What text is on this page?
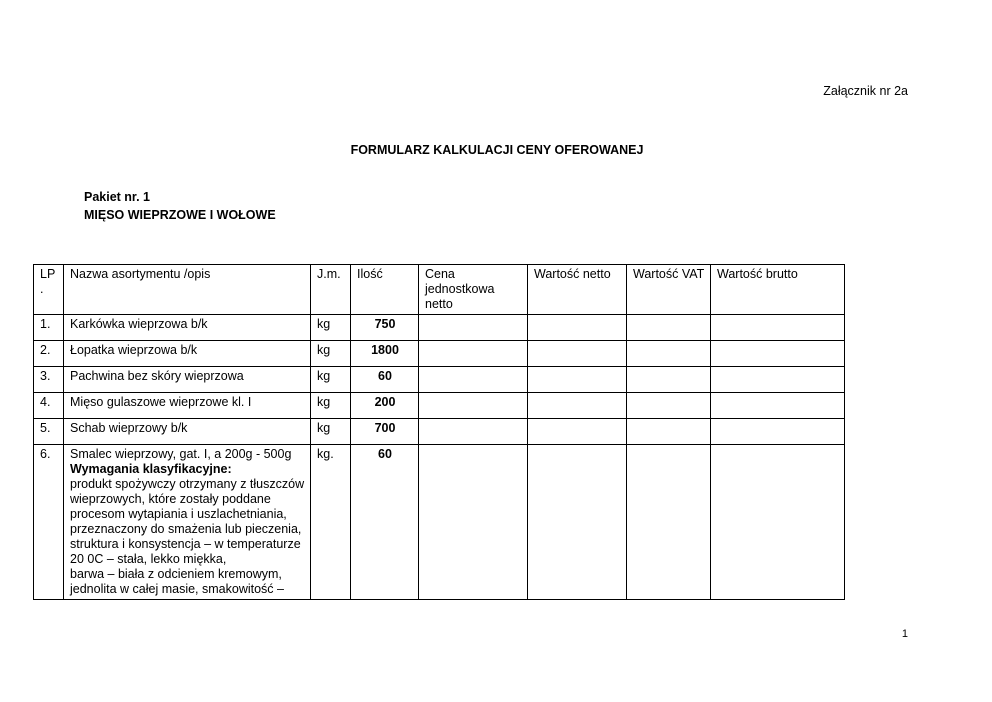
Załącznik nr 2a
FORMULARZ KALKULACJI CENY OFEROWANEJ
Pakiet nr. 1
MIĘSO WIEPRZOWE I WOŁOWE
LP .	Nazwa asortymentu /opis	J.m.	Ilość	Cena jednostkowa netto	Wartość netto	Wartość VAT	Wartość brutto
1.	Karkówka wieprzowa b/k	kg	750				
2.	Łopatka wieprzowa b/k	kg	1800				
3.	Pachwina bez skóry wieprzowa	kg	60				
4.	Mięso gulaszowe wieprzowe kl. I	kg	200				
5.	Schab wieprzowy b/k	kg	700				
6.	Smalec wieprzowy, gat. I, a 200g - 500g
Wymagania klasyfikacyjne:
produkt spożywczy otrzymany z tłuszczów wieprzowych, które zostały poddane procesom wytapiania i uszlachetniania, przeznaczony do smażenia lub pieczenia, struktura i konsystencja – w temperaturze 20 0C – stała, lekko miękka,
barwa – biała z odcieniem kremowym, jednolita w całej masie, smakowitość –	kg.	60				
1
